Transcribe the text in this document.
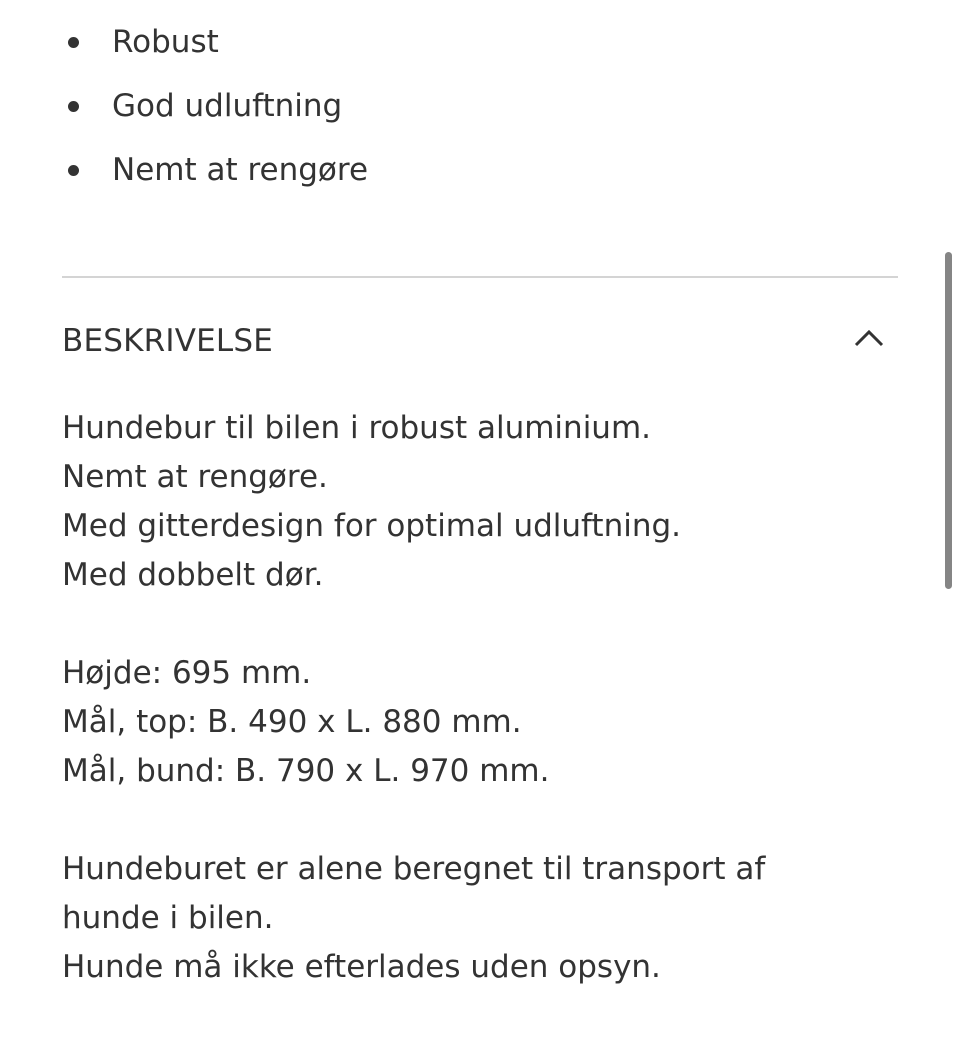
Robust
God udluftning
Nemt at rengøre
BESKRIVELSE

Hundebur til bilen i robust aluminium.
Nemt at rengøre.
Med gitterdesign for optimal udluftning.
Med dobbelt dør.

Højde: 695 mm.
Mål, top: B. 490 x L. 880 mm.
Mål, bund: B. 790 x L. 970 mm.

Hundeburet er alene beregnet til transport af
hunde i bilen.
Hunde må ikke efterlades uden opsyn.
